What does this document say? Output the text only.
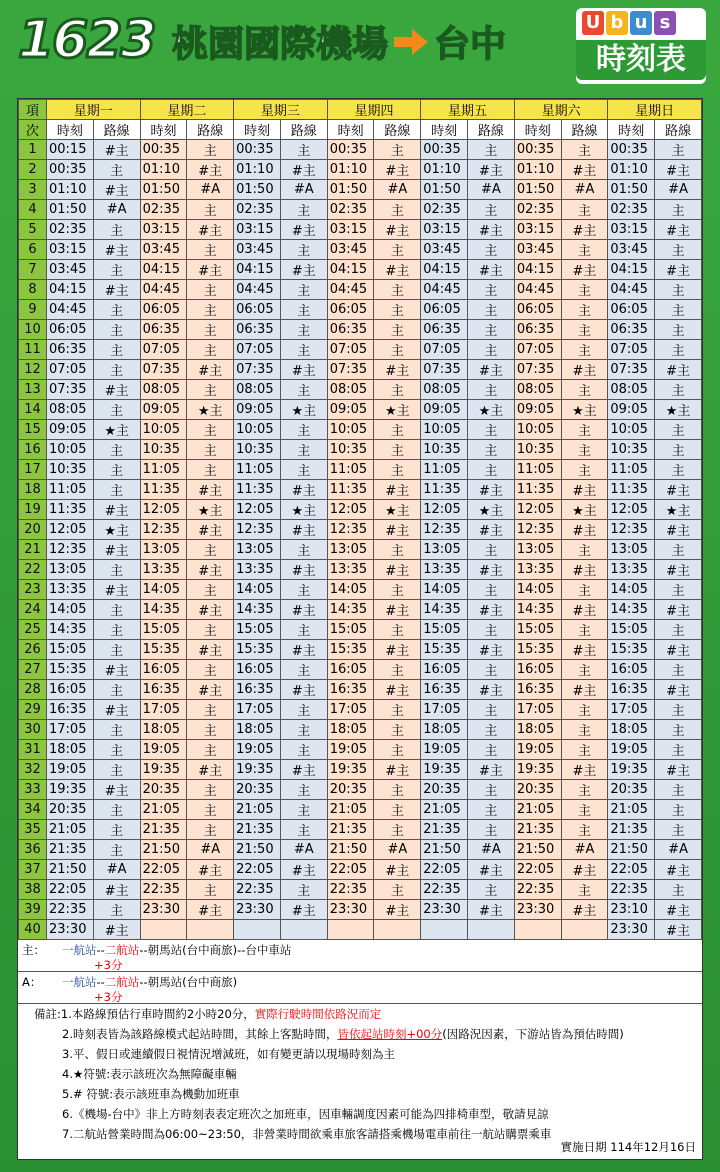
1623 桃園國際機場 台中
U b u s
時刻表
項	星期一		星期二		星期三		星期四		星期五		星期六		星期日	
次	時刻	路線	時刻	路線	時刻	路線	時刻	路線	時刻	路線	時刻	路線	時刻	路線
1	00:15	#主	00:35	主	00:35	主	00:35	主	00:35	主	00:35	主	00:35	主
2	00:35	主	01:10	#主	01:10	#主	01:10	#主	01:10	#主	01:10	#主	01:10	#主
3	01:10	#主	01:50	#A	01:50	#A	01:50	#A	01:50	#A	01:50	#A	01:50	#A
4	01:50	#A	02:35	主	02:35	主	02:35	主	02:35	主	02:35	主	02:35	主
5	02:35	主	03:15	#主	03:15	#主	03:15	#主	03:15	#主	03:15	#主	03:15	#主
6	03:15	#主	03:45	主	03:45	主	03:45	主	03:45	主	03:45	主	03:45	主
7	03:45	主	04:15	#主	04:15	#主	04:15	#主	04:15	#主	04:15	#主	04:15	#主
8	04:15	#主	04:45	主	04:45	主	04:45	主	04:45	主	04:45	主	04:45	主
9	04:45	主	06:05	主	06:05	主	06:05	主	06:05	主	06:05	主	06:05	主
10	06:05	主	06:35	主	06:35	主	06:35	主	06:35	主	06:35	主	06:35	主
11	06:35	主	07:05	主	07:05	主	07:05	主	07:05	主	07:05	主	07:05	主
12	07:05	主	07:35	#主	07:35	#主	07:35	#主	07:35	#主	07:35	#主	07:35	#主
13	07:35	#主	08:05	主	08:05	主	08:05	主	08:05	主	08:05	主	08:05	主
14	08:05	主	09:05	★主	09:05	★主	09:05	★主	09:05	★主	09:05	★主	09:05	★主
15	09:05	★主	10:05	主	10:05	主	10:05	主	10:05	主	10:05	主	10:05	主
16	10:05	主	10:35	主	10:35	主	10:35	主	10:35	主	10:35	主	10:35	主
17	10:35	主	11:05	主	11:05	主	11:05	主	11:05	主	11:05	主	11:05	主
18	11:05	主	11:35	#主	11:35	#主	11:35	#主	11:35	#主	11:35	#主	11:35	#主
19	11:35	#主	12:05	★主	12:05	★主	12:05	★主	12:05	★主	12:05	★主	12:05	★主
20	12:05	★主	12:35	#主	12:35	#主	12:35	#主	12:35	#主	12:35	#主	12:35	#主
21	12:35	#主	13:05	主	13:05	主	13:05	主	13:05	主	13:05	主	13:05	主
22	13:05	主	13:35	#主	13:35	#主	13:35	#主	13:35	#主	13:35	#主	13:35	#主
23	13:35	#主	14:05	主	14:05	主	14:05	主	14:05	主	14:05	主	14:05	主
24	14:05	主	14:35	#主	14:35	#主	14:35	#主	14:35	#主	14:35	#主	14:35	#主
25	14:35	主	15:05	主	15:05	主	15:05	主	15:05	主	15:05	主	15:05	主
26	15:05	主	15:35	#主	15:35	#主	15:35	#主	15:35	#主	15:35	#主	15:35	#主
27	15:35	#主	16:05	主	16:05	主	16:05	主	16:05	主	16:05	主	16:05	主
28	16:05	主	16:35	#主	16:35	#主	16:35	#主	16:35	#主	16:35	#主	16:35	#主
29	16:35	#主	17:05	主	17:05	主	17:05	主	17:05	主	17:05	主	17:05	主
30	17:05	主	18:05	主	18:05	主	18:05	主	18:05	主	18:05	主	18:05	主
31	18:05	主	19:05	主	19:05	主	19:05	主	19:05	主	19:05	主	19:05	主
32	19:05	主	19:35	#主	19:35	#主	19:35	#主	19:35	#主	19:35	#主	19:35	#主
33	19:35	#主	20:35	主	20:35	主	20:35	主	20:35	主	20:35	主	20:35	主
34	20:35	主	21:05	主	21:05	主	21:05	主	21:05	主	21:05	主	21:05	主
35	21:05	主	21:35	主	21:35	主	21:35	主	21:35	主	21:35	主	21:35	主
36	21:35	主	21:50	#A	21:50	#A	21:50	#A	21:50	#A	21:50	#A	21:50	#A
37	21:50	#A	22:05	#主	22:05	#主	22:05	#主	22:05	#主	22:05	#主	22:05	#主
38	22:05	#主	22:35	主	22:35	主	22:35	主	22:35	主	22:35	主	22:35	主
39	22:35	主	23:30	#主	23:30	#主	23:30	#主	23:30	#主	23:30	#主	23:10	#主
40	23:30	#主											23:30	#主
主： 一航站--二航站--朝馬站(台中商旅)--台中車站
+3分
A： 一航站--二航站--朝馬站(台中商旅)
+3分
備註:1.本路線預估行車時間約2小時20分，實際行駛時間依路況而定
2.時刻表皆為該路線模式起站時間，其餘上客點時間，皆依起站時刻+00分(因路況因素，下游站皆為預估時間)
3.平、假日或連續假日視情況增減班，如有變更請以現場時刻為主
4.★符號:表示該班次為無障礙車輛
5.# 符號:表示該班車為機動加班車
6.《機場-台中》非上方時刻表表定班次之加班車，因車輛調度因素可能為四排椅車型，敬請見諒
7.二航站營業時間為06:00~23:50，非營業時間欲乘車旅客請搭乘機場電車前往一航站購票乘車
實施日期 114年12月16日
